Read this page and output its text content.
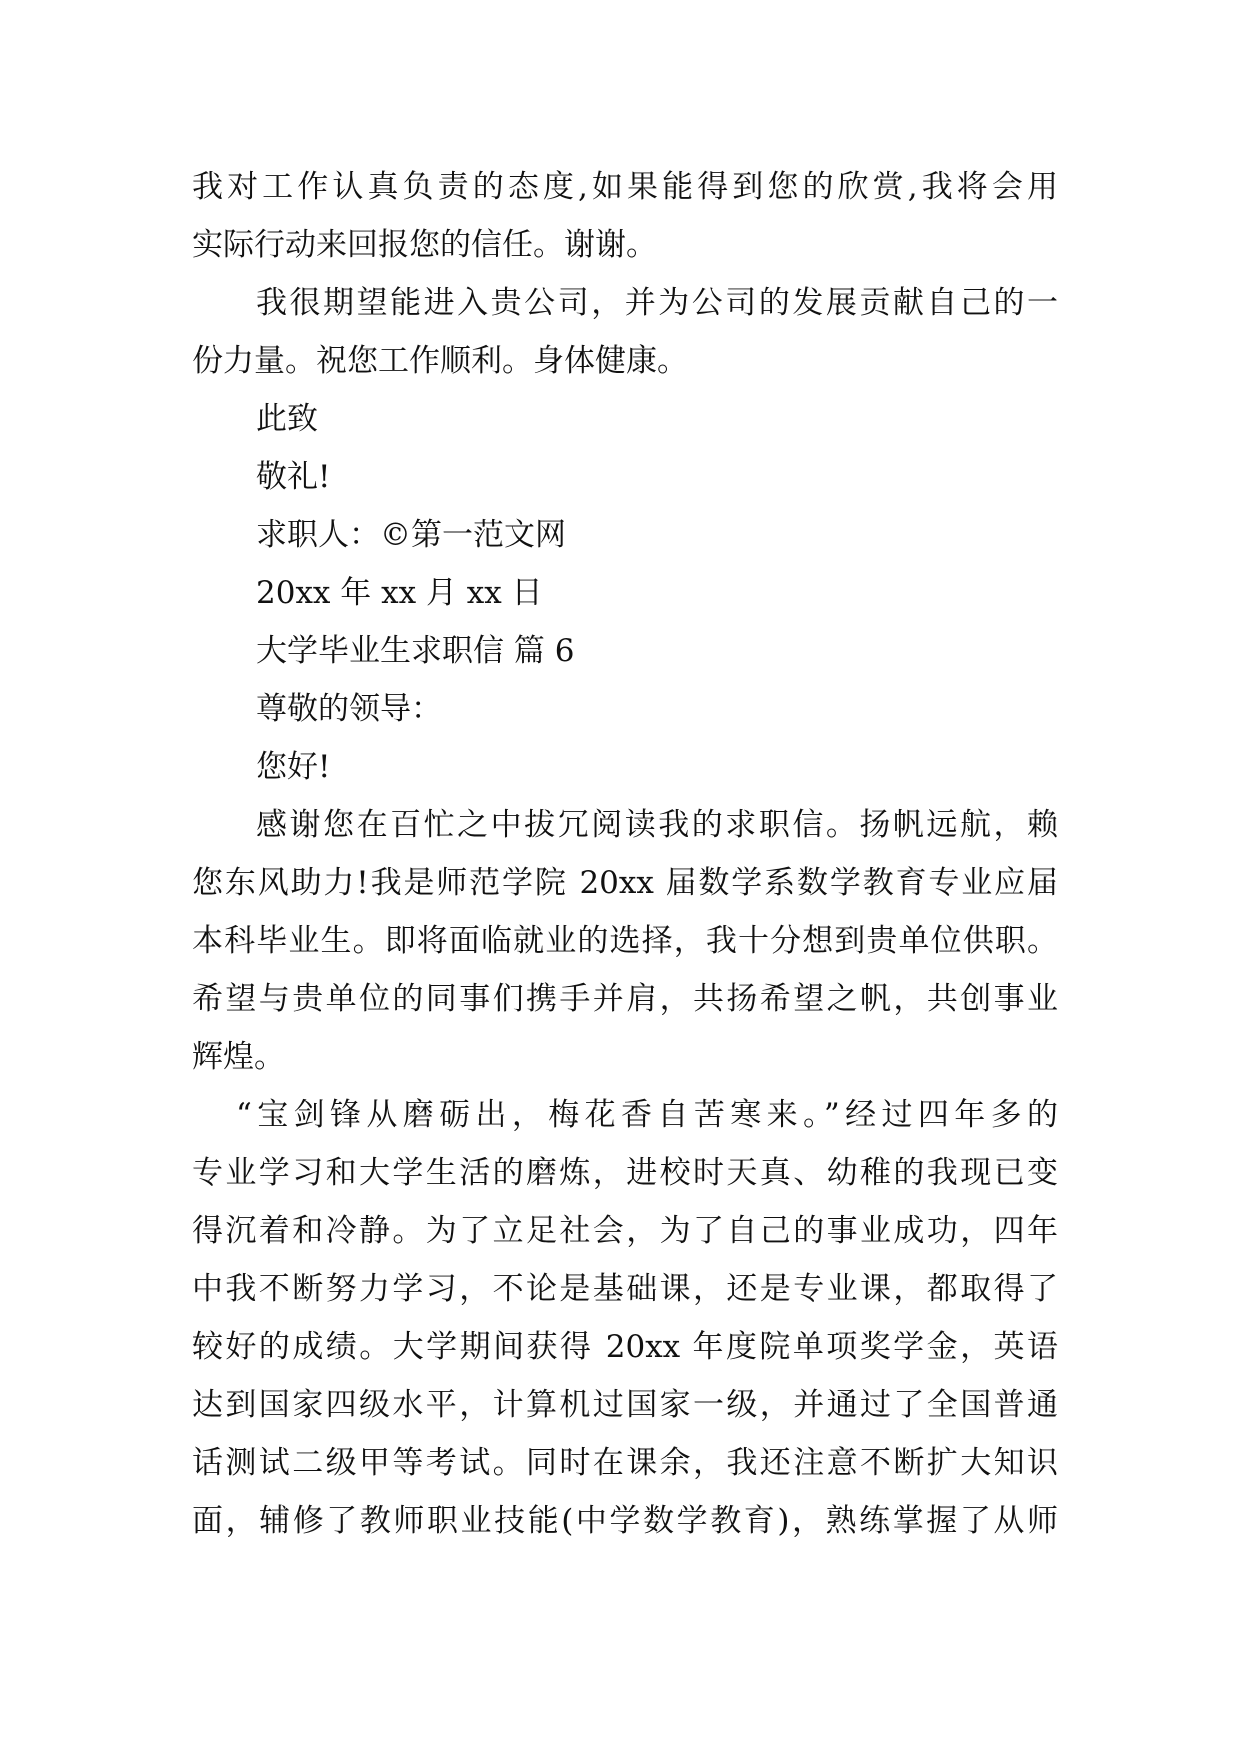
我对工作认真负责的态度,如果能得到您的欣赏,我将会用
实际行动来回报您的信任。谢谢。
我很期望能进入贵公司，并为公司的发展贡献自己的一
份力量。祝您工作顺利。身体健康。
此致
敬礼!
求职人：©第一范文网
20xx 年 xx 月 xx 日
大学毕业生求职信 篇 6
尊敬的领导：
您好!
感谢您在百忙之中拔冗阅读我的求职信。扬帆远航，赖
您东风助力!我是师范学院 20xx 届数学系数学教育专业应届
本科毕业生。即将面临就业的选择，我十分想到贵单位供职。
希望与贵单位的同事们携手并肩，共扬希望之帆，共创事业
辉煌。
“宝剑锋从磨砺出，梅花香自苦寒来。”经过四年多的
专业学习和大学生活的磨炼，进校时天真、幼稚的我现已变
得沉着和冷静。为了立足社会，为了自己的事业成功，四年
中我不断努力学习，不论是基础课，还是专业课，都取得了
较好的成绩。大学期间获得 20xx 年度院单项奖学金，英语
达到国家四级水平，计算机过国家一级，并通过了全国普通
话测试二级甲等考试。同时在课余，我还注意不断扩大知识
面，辅修了教师职业技能(中学数学教育)，熟练掌握了从师
